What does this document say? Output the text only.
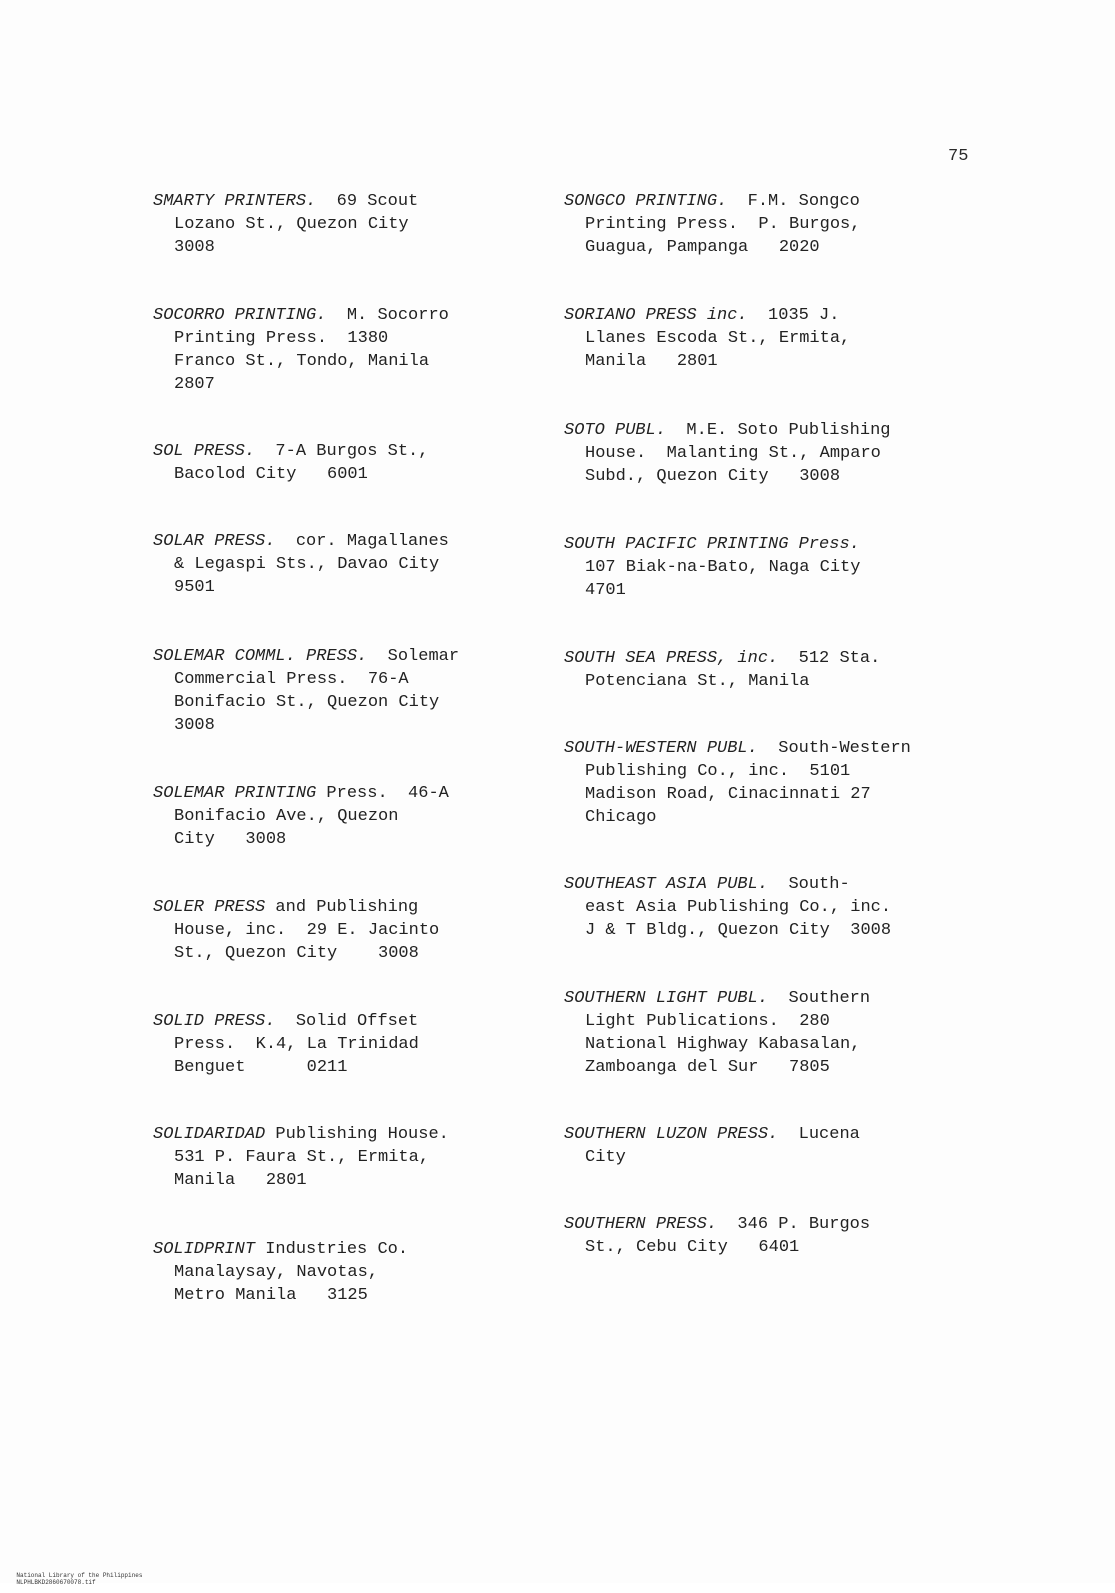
75
SMARTY PRINTERS.  69 Scout
Lozano St., Quezon City
3008
SOCORRO PRINTING.  M. Socorro
Printing Press.  1380
Franco St., Tondo, Manila
2807
SOL PRESS.  7-A Burgos St.,
Bacolod City   6001
SOLAR PRESS.  cor. Magallanes
& Legaspi Sts., Davao City
9501
SOLEMAR COMML. PRESS.  Solemar
Commercial Press.  76-A
Bonifacio St., Quezon City
3008
SOLEMAR PRINTING Press.  46-A
Bonifacio Ave., Quezon
City   3008
SOLER PRESS and Publishing
House, inc.  29 E. Jacinto
St., Quezon City    3008
SOLID PRESS.  Solid Offset
Press.  K.4, La Trinidad
Benguet      0211
SOLIDARIDAD Publishing House.
531 P. Faura St., Ermita,
Manila   2801
SOLIDPRINT Industries Co.
Manalaysay, Navotas,
Metro Manila   3125
SONGCO PRINTING.  F.M. Songco
Printing Press.  P. Burgos,
Guagua, Pampanga   2020
SORIANO PRESS inc.  1035 J.
Llanes Escoda St., Ermita,
Manila   2801
SOTO PUBL.  M.E. Soto Publishing
House.  Malanting St., Amparo
Subd., Quezon City   3008
SOUTH PACIFIC PRINTING Press.
107 Biak-na-Bato, Naga City
4701
SOUTH SEA PRESS, inc.  512 Sta.
Potenciana St., Manila
SOUTH-WESTERN PUBL.  South-Western
Publishing Co., inc.  5101
Madison Road, Cinacinnati 27
Chicago
SOUTHEAST ASIA PUBL.  South-
east Asia Publishing Co., inc.
J & T Bldg., Quezon City  3008
SOUTHERN LIGHT PUBL.  Southern
Light Publications.  280
National Highway Kabasalan,
Zamboanga del Sur   7805
SOUTHERN LUZON PRESS.  Lucena
City
SOUTHERN PRESS.  346 P. Burgos
St., Cebu City   6401

National Library of the Philippines
NLPHLBKD2860670078.tif
